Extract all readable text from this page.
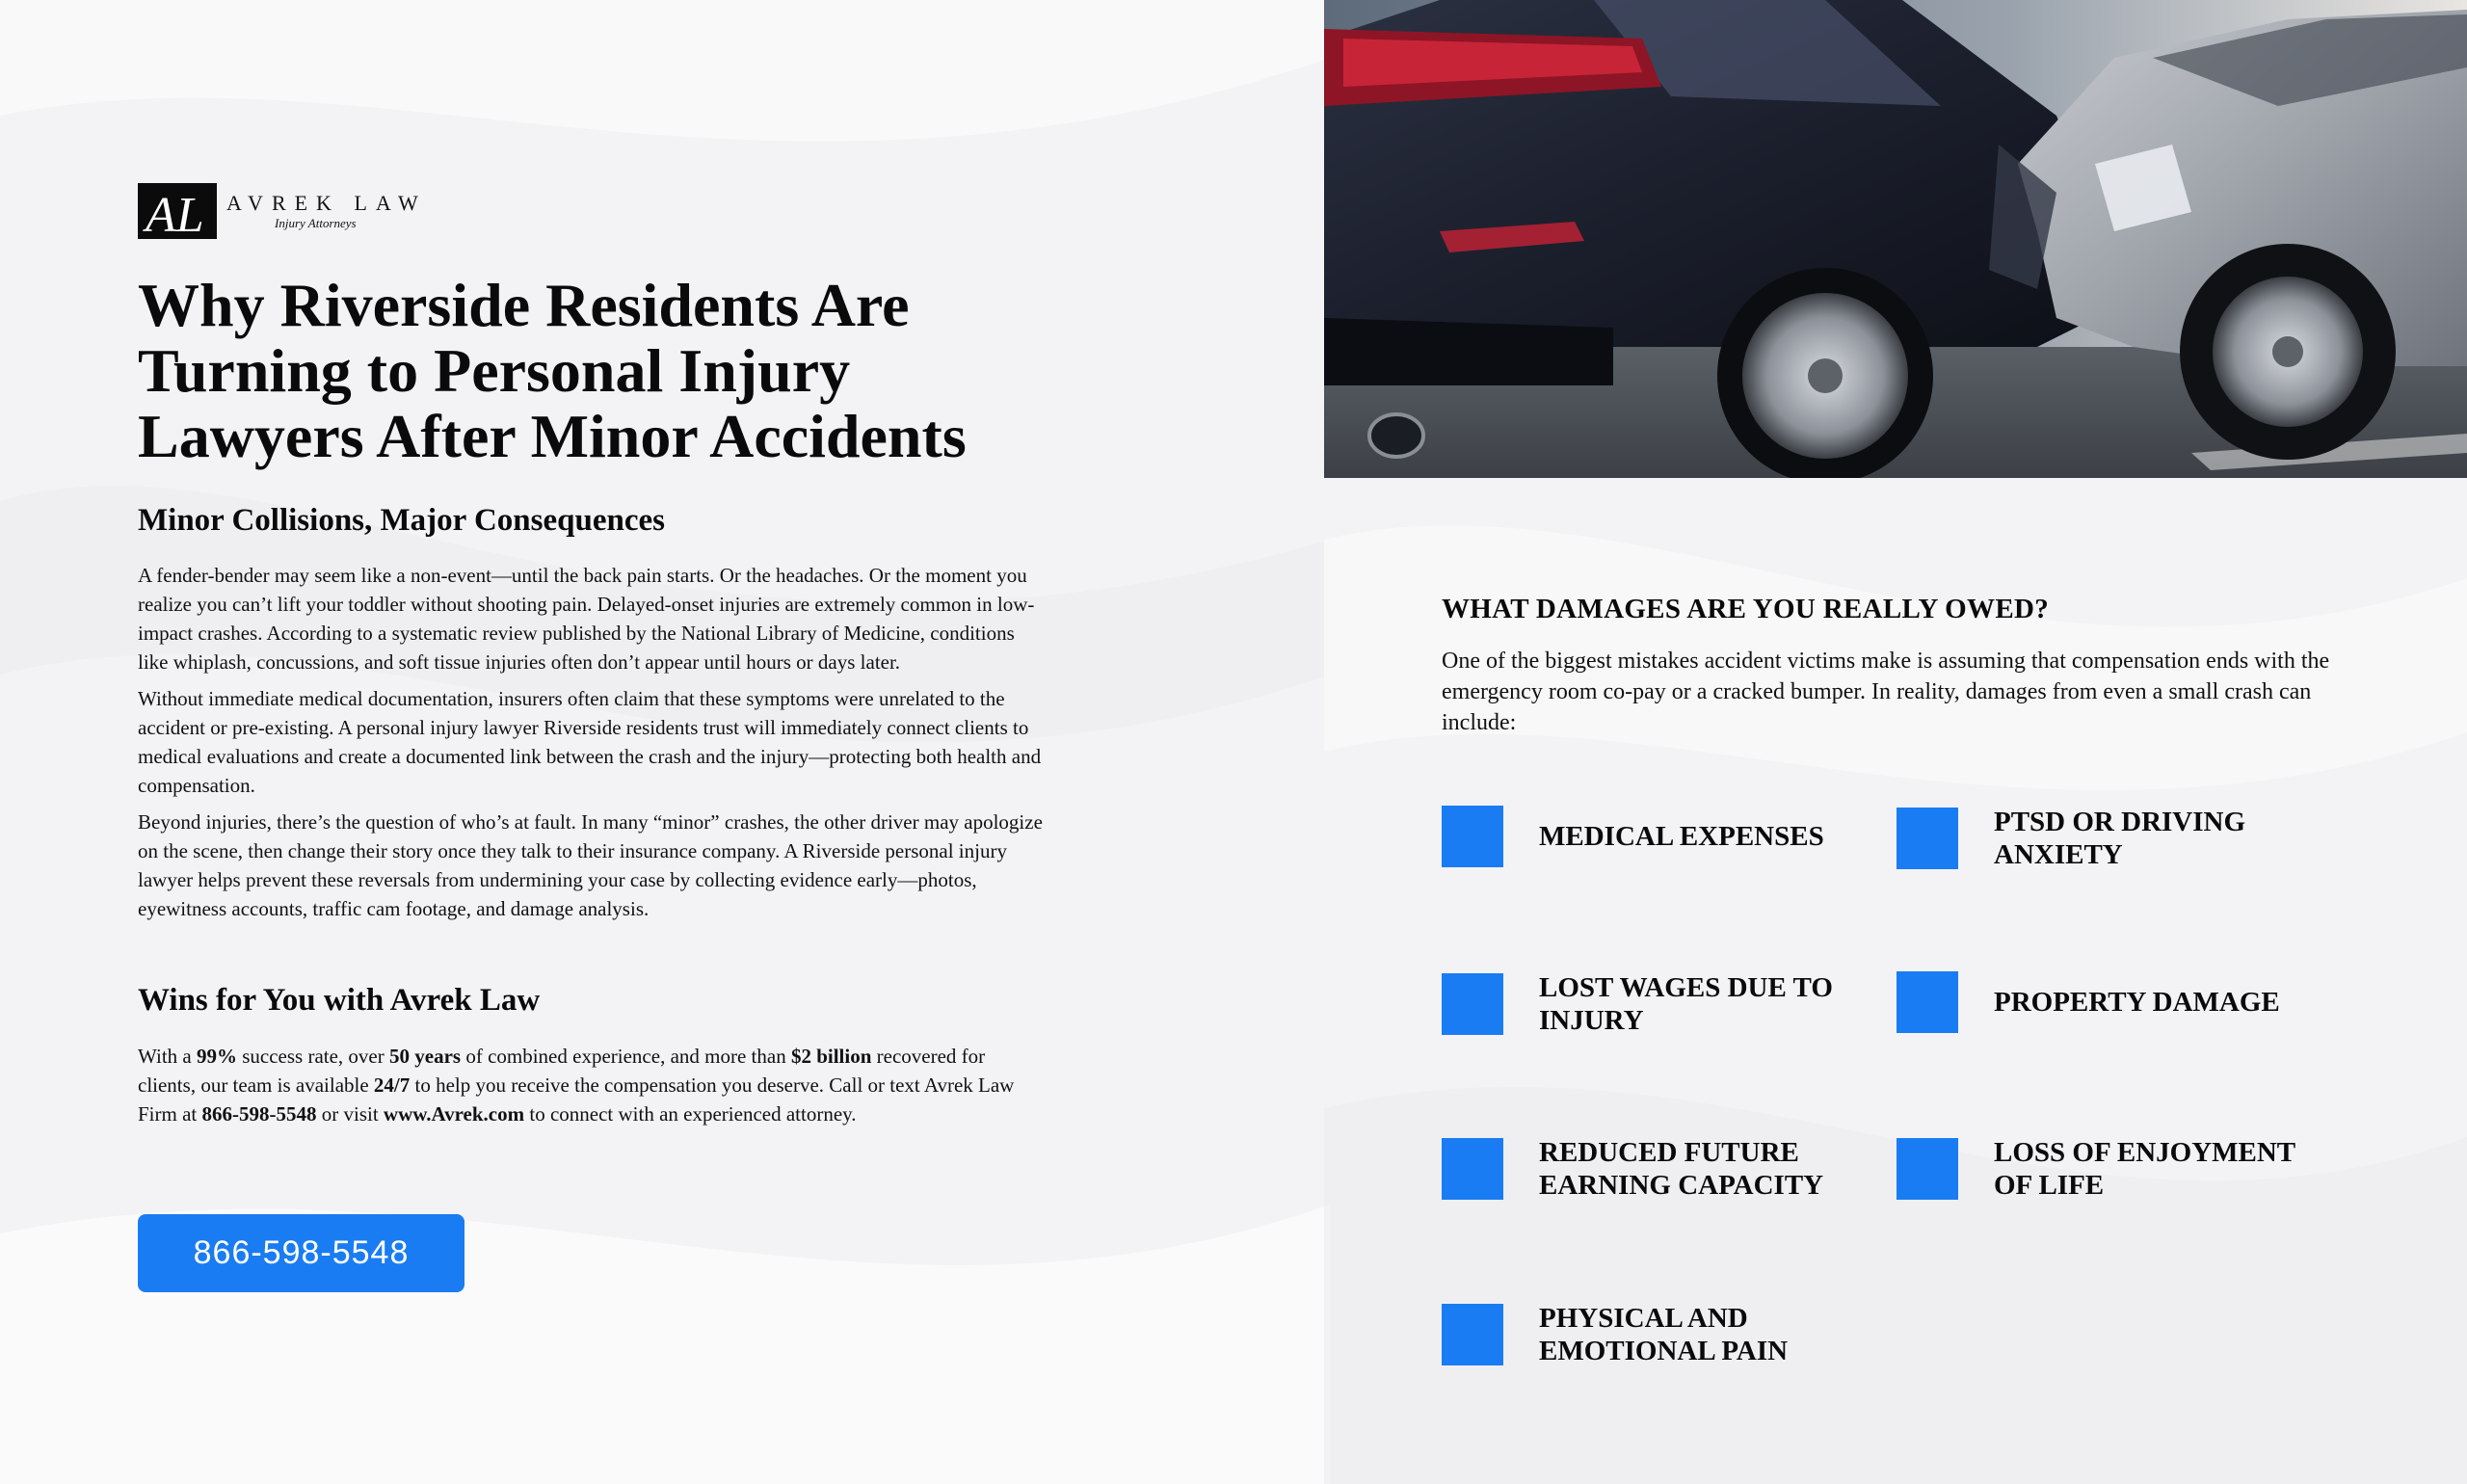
AL AVREK LAW
Injury Attorneys
Why Riverside Residents Are Turning to Personal Injury Lawyers After Minor Accidents
Minor Collisions, Major Consequences

A fender-bender may seem like a non-event—until the back pain starts. Or the headaches. Or the moment you realize you can’t lift your toddler without shooting pain. Delayed-onset injuries are extremely common in low-impact crashes. According to a systematic review published by the National Library of Medicine, conditions like whiplash, concussions, and soft tissue injuries often don’t appear until hours or days later.

Without immediate medical documentation, insurers often claim that these symptoms were unrelated to the accident or pre-existing. A personal injury lawyer Riverside residents trust will immediately connect clients to medical evaluations and create a documented link between the crash and the injury—protecting both health and compensation.

Beyond injuries, there’s the question of who’s at fault. In many “minor” crashes, the other driver may apologize on the scene, then change their story once they talk to their insurance company. A Riverside personal injury lawyer helps prevent these reversals from undermining your case by collecting evidence early—photos, eyewitness accounts, traffic cam footage, and damage analysis.

Wins for You with Avrek Law

With a 99% success rate, over 50 years of combined experience, and more than $2 billion recovered for clients, our team is available 24/7 to help you receive the compensation you deserve. Call or text Avrek Law Firm at 866-598-5548 or visit www.Avrek.com to connect with an experienced attorney.

866-598-5548
WHAT DAMAGES ARE YOU REALLY OWED?

One of the biggest mistakes accident victims make is assuming that compensation ends with the emergency room co-pay or a cracked bumper. In reality, damages from even a small crash can include:

MEDICAL EXPENSES	PTSD OR DRIVING ANXIETY
LOST WAGES DUE TO INJURY
PROPERTY DAMAGE
REDUCED FUTURE EARNING CAPACITY
LOSS OF ENJOYMENT OF LIFE
PHYSICAL AND EMOTIONAL PAIN
